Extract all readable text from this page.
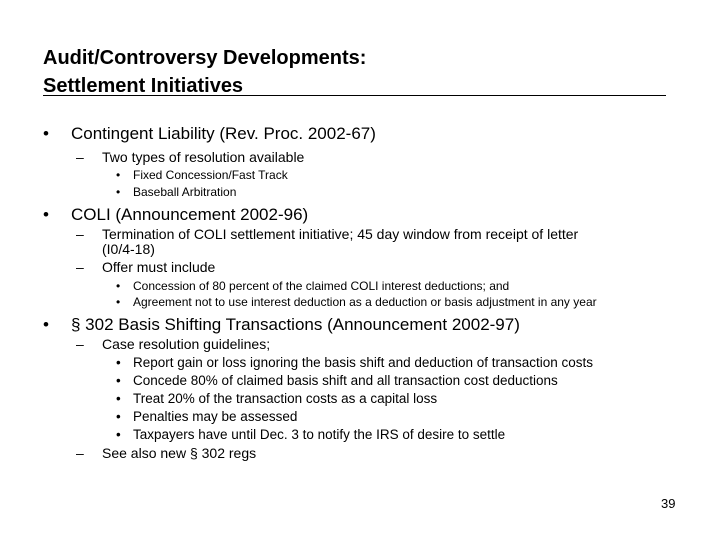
Audit/Controversy Developments:
Settlement Initiatives
• Contingent Liability (Rev. Proc. 2002-67)
– Two types of resolution available
• Fixed Concession/Fast Track
• Baseball Arbitration
• COLI (Announcement 2002-96)
– Termination of COLI settlement initiative; 45 day window from receipt of letter
(I0/4-18)
– Offer must include
• Concession of 80 percent of the claimed COLI interest deductions; and
• Agreement not to use interest deduction as a deduction or basis adjustment in any year
• § 302 Basis Shifting Transactions (Announcement 2002-97)
– Case resolution guidelines;
• Report gain or loss ignoring the basis shift and deduction of transaction costs
• Concede 80% of claimed basis shift and all transaction cost deductions
• Treat 20% of the transaction costs as a capital loss
• Penalties may be assessed
• Taxpayers have until Dec. 3 to notify the IRS of desire to settle
– See also new § 302 regs
39
